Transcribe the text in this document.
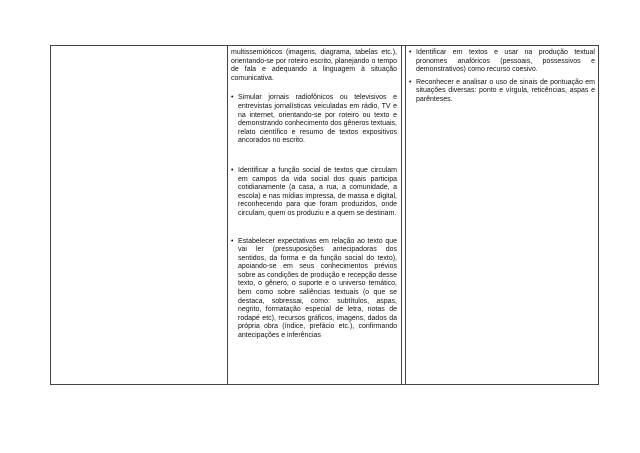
multissemióticos (imagens, diagrama, tabelas etc.), orientando-se por roteiro escrito, planejando o tempo de fala e adequando a linguagem à situação comunicativa.

• Simular jornais radiofônicos ou televisivos e entrevistas jornalísticas veiculadas em rádio, TV e na internet, orientando-se por roteiro ou texto e demonstrando conhecimento dos gêneros textuais, relato científico e resumo de textos expositivos ancorados no escrito.
• Identificar a função social de textos que circulam em campos da vida social dos quais participa cotidianamente (a casa, a rua, a comunidade, a escola) e nas mídias impressa, de massa e digital, reconhecendo para que foram produzidos, onde circulam, quem os produziu e a quem se destinam.
• Estabelecer expectativas em relação ao texto que vai ler (pressuposições antecipadoras dos sentidos, da forma e da função social do texto), apoiando-se em seus conhecimentos prévios sobre as condições de produção e recepção desse texto, o gênero, o suporte e o universo temático, bem como sobre saliências textuais (o que se destaca, sobressai, como: subtítulos, aspas, negrito, formatação especial de letra, notas de rodapé etc), recursos gráficos, imagens, dados da própria obra (índice, prefácio etc.), confirmando antecipações e inferências
• Identificar em textos e usar na produção textual pronomes anafóricos (pessoais, possessivos e demonstrativos) como recurso coesivo.
• Reconhecer e analisar o uso de sinais de pontuação em situações diversas: ponto e vírgula, reticências, aspas e parênteses.
